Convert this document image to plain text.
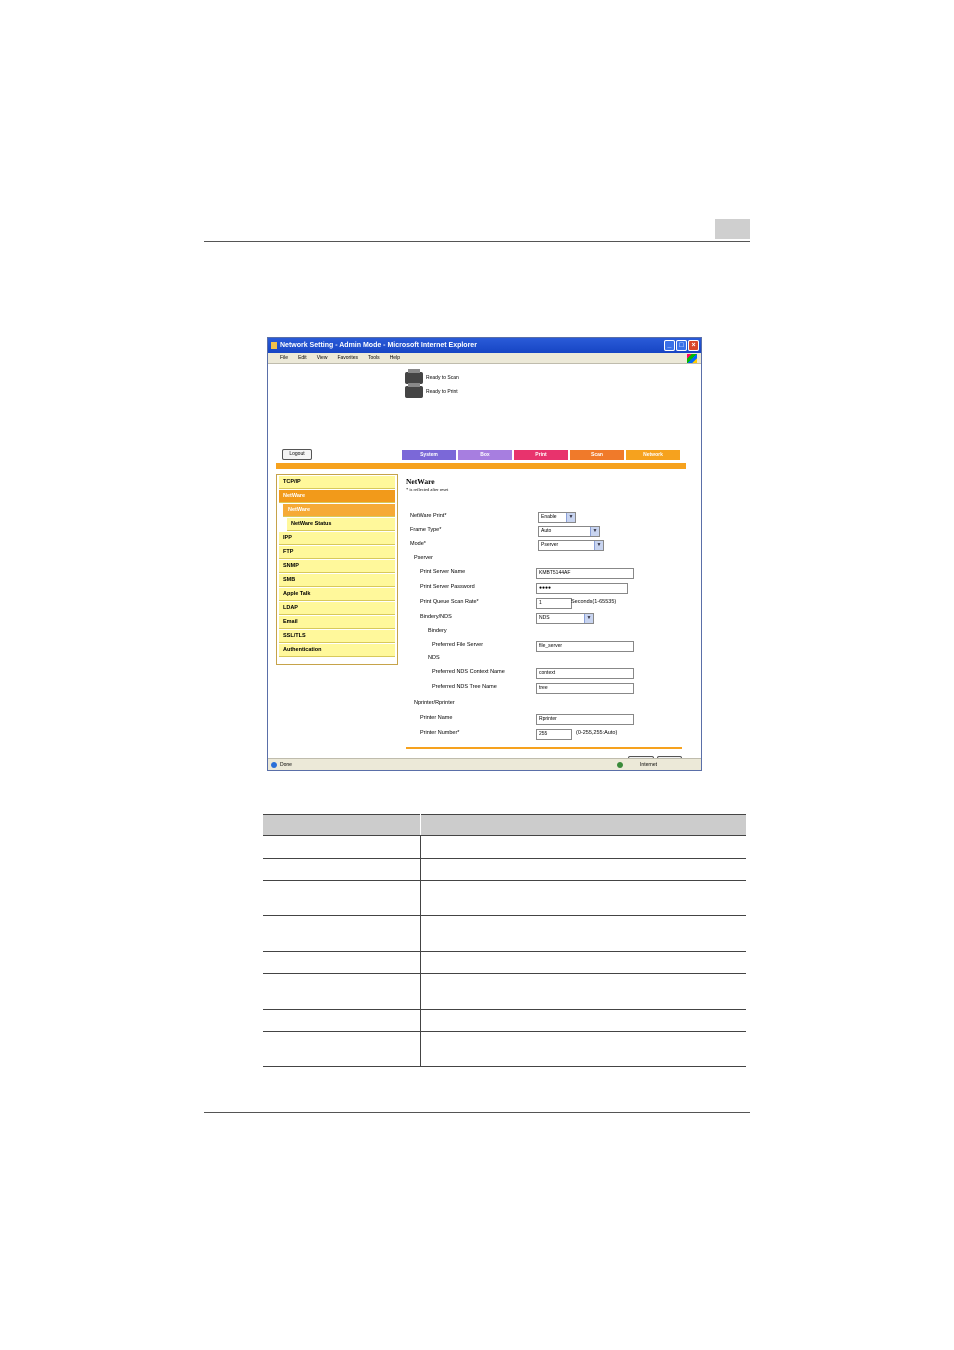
Network Setting - Admin Mode - Microsoft Internet Explorer	_	□	×
File Edit View Favorites Tools Help
Ready to Scan
Ready to Print
Logout	System	Box	Print	Scan	Network
TCP/IP
NetWare
NetWare
NetWare Status
IPP
FTP
SNMP
SMB
Apple Talk
LDAP
Email
SSL/TLS
Authentication
NetWare
* is reflected after reset
NetWare Print*	Enable	▼
Frame Type*	Auto	▼
Mode*	Pserver	▼
Pserver
Print Server Name	KMBT5144AF
Print Server Password	●●●●
Print Queue Scan Rate*	1	Seconds(1-65535)
Bindery/NDS	NDS	▼
Bindery
Preferred File Server	file_server
NDS
Preferred NDS Context Name	context
Preferred NDS Tree Name	tree
Nprinter/Rprinter
Printer Name	Rprinter
Printer Number*	255	(0-255,255:Auto)
Done	Internet
